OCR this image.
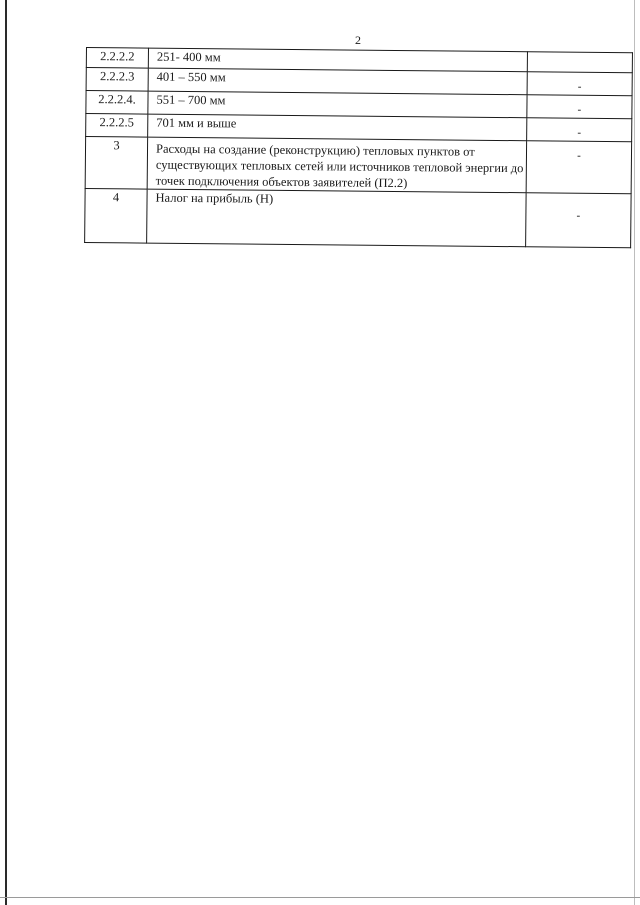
2
2.2.2.2	251- 400 мм	
2.2.2.3	401 – 550 мм	-
2.2.2.4.	551 – 700 мм	-
2.2.2.5	701 мм и выше	-
3	Расходы на создание (реконструкцию) тепловых пунктов от существующих тепловых сетей или источников тепловой энергии до точек подключения объектов заявителей (П2.2)	-
4	Налог на прибыль (Н)	-
